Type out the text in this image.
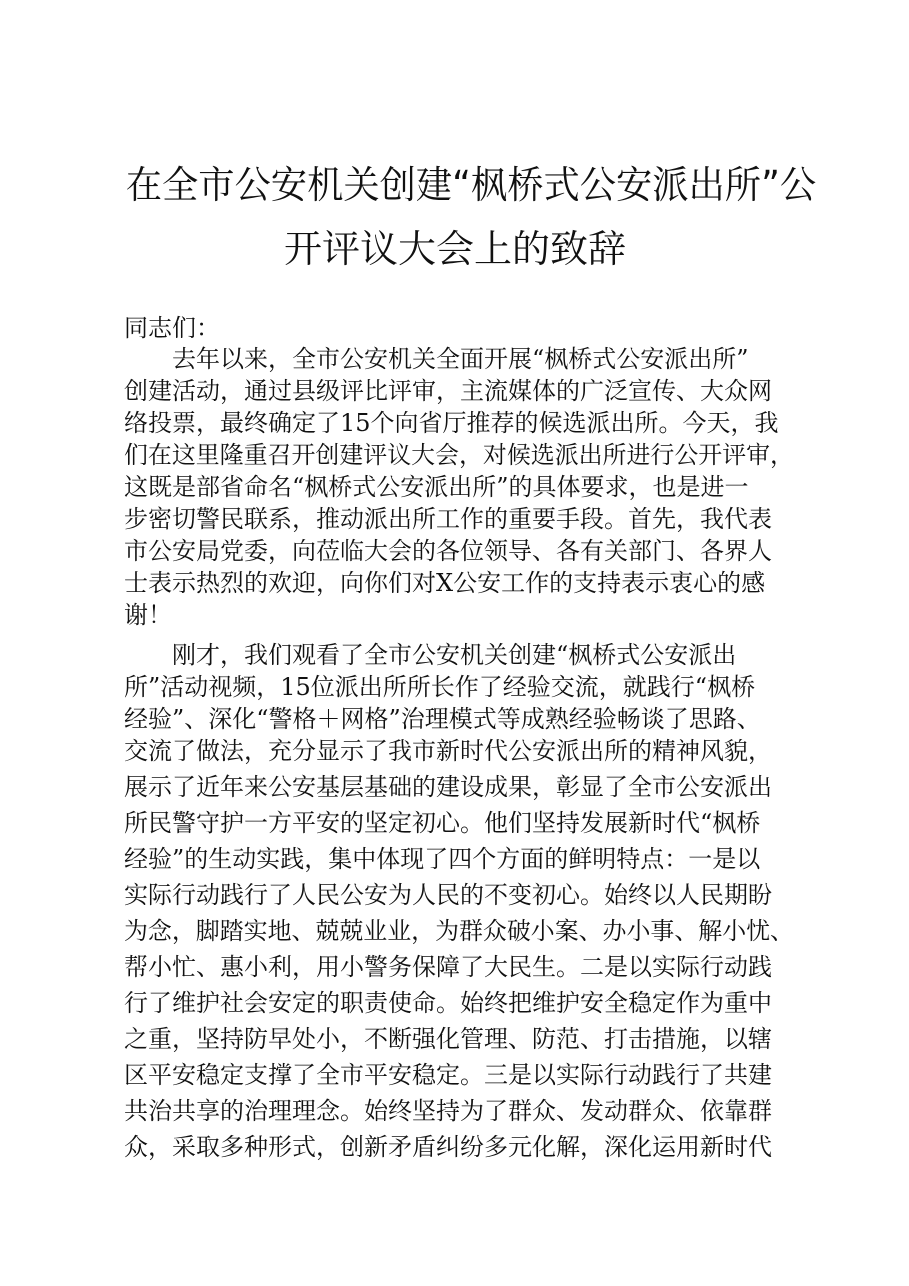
在全市公安机关创建“枫桥式公安派出所”公
开评议大会上的致辞
同志们：
去年以来，全市公安机关全面开展“枫桥式公安派出所”
创建活动，通过县级评比评审，主流媒体的广泛宣传、大众网
络投票，最终确定了15个向省厅推荐的候选派出所。今天，我
们在这里隆重召开创建评议大会，对候选派出所进行公开评审，
这既是部省命名“枫桥式公安派出所”的具体要求，也是进一
步密切警民联系，推动派出所工作的重要手段。首先，我代表
市公安局党委，向莅临大会的各位领导、各有关部门、各界人
士表示热烈的欢迎，向你们对X公安工作的支持表示衷心的感
谢！
刚才，我们观看了全市公安机关创建“枫桥式公安派出
所”活动视频，15位派出所所长作了经验交流，就践行“枫桥
经验”、深化“警格＋网格”治理模式等成熟经验畅谈了思路、
交流了做法，充分显示了我市新时代公安派出所的精神风貌，
展示了近年来公安基层基础的建设成果，彰显了全市公安派出
所民警守护一方平安的坚定初心。他们坚持发展新时代“枫桥
经验”的生动实践，集中体现了四个方面的鲜明特点：一是以
实际行动践行了人民公安为人民的不变初心。始终以人民期盼
为念，脚踏实地、兢兢业业，为群众破小案、办小事、解小忧、
帮小忙、惠小利，用小警务保障了大民生。二是以实际行动践
行了维护社会安定的职责使命。始终把维护安全稳定作为重中
之重，坚持防早处小，不断强化管理、防范、打击措施，以辖
区平安稳定支撑了全市平安稳定。三是以实际行动践行了共建
共治共享的治理理念。始终坚持为了群众、发动群众、依靠群
众，采取多种形式，创新矛盾纠纷多元化解，深化运用新时代
